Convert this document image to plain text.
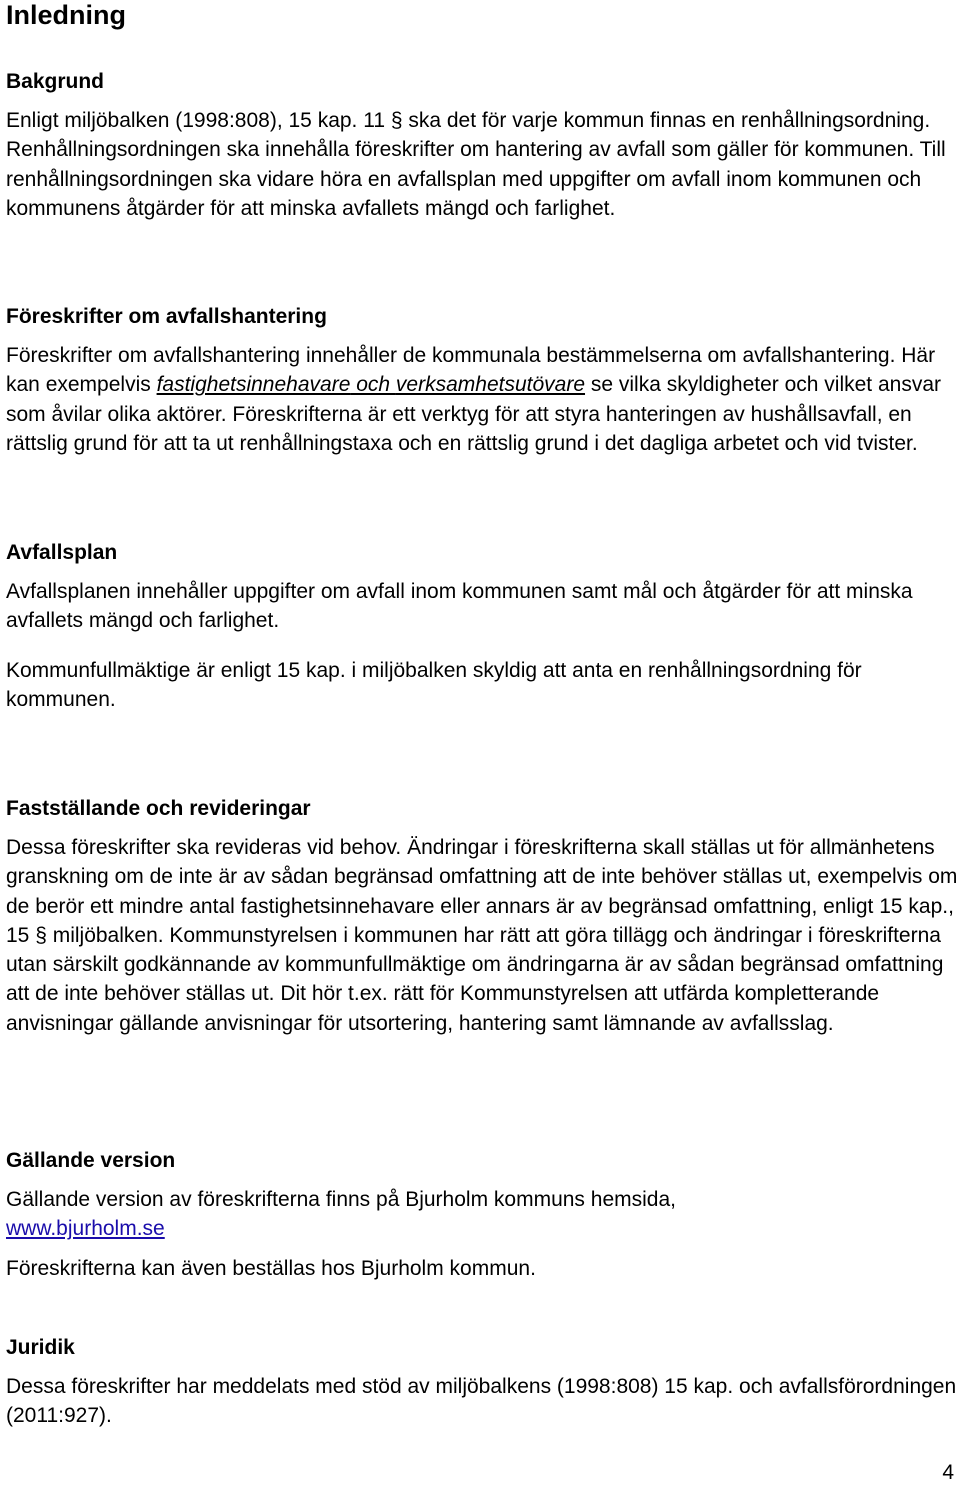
Inledning
Bakgrund

Enligt miljöbalken (1998:808), 15 kap. 11 § ska det för varje kommun finnas en renhållningsordning. Renhållningsordningen ska innehålla föreskrifter om hantering av avfall som gäller för kommunen. Till renhållningsordningen ska vidare höra en avfallsplan med uppgifter om avfall inom kommunen och kommunens åtgärder för att minska avfallets mängd och farlighet.

Föreskrifter om avfallshantering

Föreskrifter om avfallshantering innehåller de kommunala bestämmelserna om avfallshantering. Här kan exempelvis fastighetsinnehavare och verksamhetsutövare se vilka skyldigheter och vilket ansvar som åvilar olika aktörer. Föreskrifterna är ett verktyg för att styra hanteringen av hushållsavfall, en rättslig grund för att ta ut renhållningstaxa och en rättslig grund i det dagliga arbetet och vid tvister.

Avfallsplan

Avfallsplanen innehåller uppgifter om avfall inom kommunen samt mål och åtgärder för att minska avfallets mängd och farlighet.

Kommunfullmäktige är enligt 15 kap. i miljöbalken skyldig att anta en renhållningsordning för kommunen.

Fastställande och revideringar

Dessa föreskrifter ska revideras vid behov. Ändringar i föreskrifterna skall ställas ut för allmänhetens granskning om de inte är av sådan begränsad omfattning att de inte behöver ställas ut, exempelvis om de berör ett mindre antal fastighetsinnehavare eller annars är av begränsad omfattning, enligt 15 kap., 15 § miljöbalken. Kommunstyrelsen i kommunen har rätt att göra tillägg och ändringar i föreskrifterna utan särskilt godkännande av kommunfullmäktige om ändringarna är av sådan begränsad omfattning att de inte behöver ställas ut. Dit hör t.ex. rätt för Kommunstyrelsen att utfärda kompletterande anvisningar gällande anvisningar för utsortering, hantering samt lämnande av avfallsslag.

Gällande version

Gällande version av föreskrifterna finns på Bjurholm kommuns hemsida,
www.bjurholm.se

Föreskrifterna kan även beställas hos Bjurholm kommun.

Juridik

Dessa föreskrifter har meddelats med stöd av miljöbalkens (1998:808) 15 kap. och avfallsförordningen (2011:927).

4
